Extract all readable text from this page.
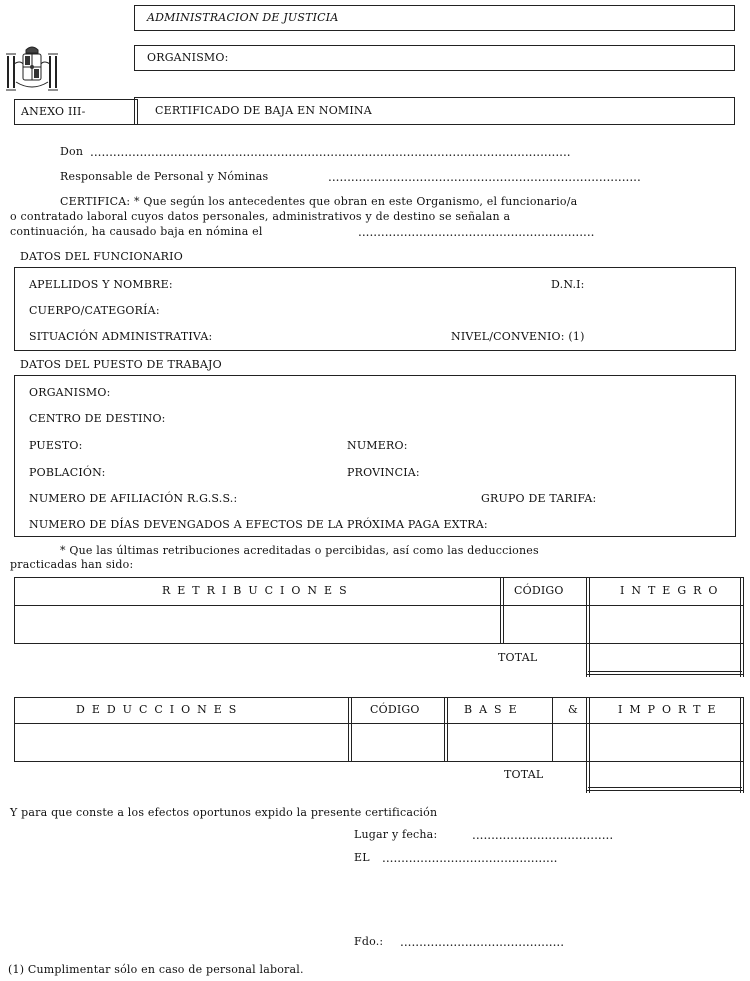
ADMINISTRACION DE JUSTICIA
ORGANISMO:
ANEXO III-	CERTIFICADO DE BAJA EN NOMINA
Don ..............................................................................................................................
Responsable de Personal y Nóminas	..................................................................................
CERTIFICA: * Que según los antecedentes que obran en este Organismo, el funcionario/a
o contratado laboral cuyos datos personales, administrativos y de destino se señalan a
continuación, ha causado baja en nómina el	..............................................................
DATOS DEL FUNCIONARIO
APELLIDOS Y NOMBRE:	D.N.I:
CUERPO/CATEGORÍA:
SITUACIÓN ADMINISTRATIVA:	NIVEL/CONVENIO: (1)
DATOS DEL PUESTO DE TRABAJO
ORGANISMO:
CENTRO DE DESTINO:
PUESTO:	NUMERO:
POBLACIÓN:	PROVINCIA:
NUMERO DE AFILIACIÓN R.G.S.S.:	GRUPO DE TARIFA:
NUMERO DE DÍAS DEVENGADOS A EFECTOS DE LA PRÓXIMA PAGA EXTRA:
* Que las últimas retribuciones acreditadas o percibidas, así como las deducciones
practicadas han sido:
RETRIBUCIONES	CÓDIGO	INTEGRO
TOTAL
DEDUCCIONES	CÓDIGO	BASE	&	IMPORTE
TOTAL
Y para que conste a los efectos oportunos expido la presente certificación
Lugar y fecha:	.....................................
EL ..............................................
Fdo.: ...........................................
(1) Cumplimentar sólo en caso de personal laboral.
